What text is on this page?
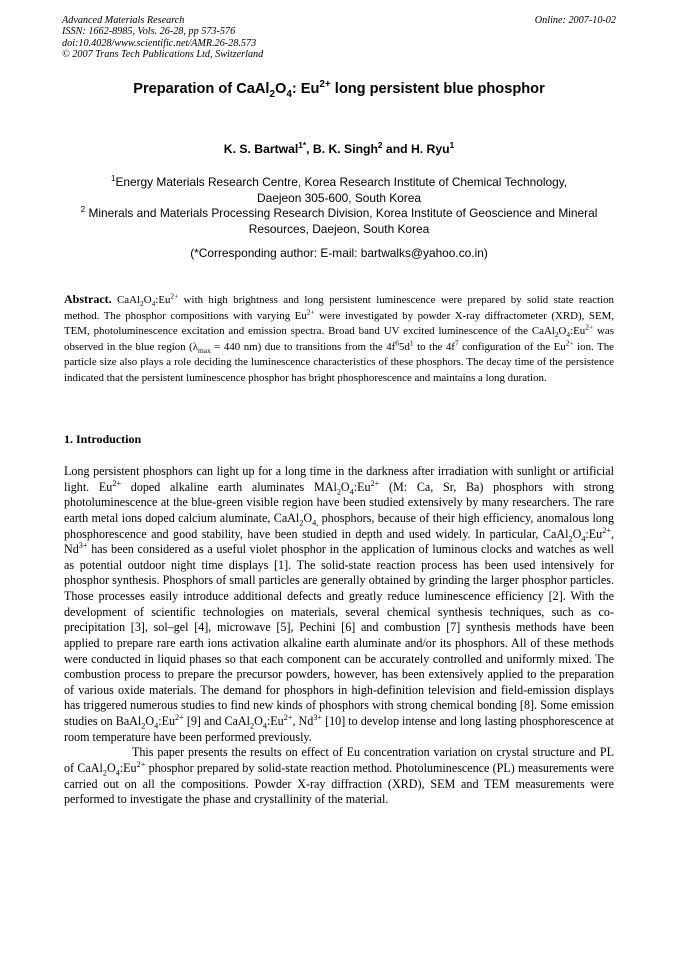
Advanced Materials Research
ISSN: 1662-8985, Vols. 26-28, pp 573-576
doi:10.4028/www.scientific.net/AMR.26-28.573
© 2007 Trans Tech Publications Ltd, Switzerland
Online: 2007-10-02
Preparation of $CaAl_2O_4$: $Eu^{2+}$ long persistent blue phosphor
K. S. Bartwal$^{1*}$, B. K. Singh$^2$ and H. Ryu$^1$

$^1$Energy Materials Research Centre, Korea Research Institute of Chemical Technology,

Daejeon 305-600, South Korea

$^2$ Minerals and Materials Processing Research Division, Korea Institute of Geoscience and Mineral

Resources, Daejeon, South Korea

(*Corresponding author: E-mail: bartwalks@yahoo.co.in)
Abstract. $CaAl_2O_4:Eu^{2+}$ with high brightness and long persistent luminescence were prepared by solid state reaction method. The phosphor compositions with varying $Eu^{2+}$ were investigated by powder X-ray diffractometer (XRD), SEM, TEM, photoluminescence excitation and emission spectra. Broad band UV excited luminescence of the $CaAl_2O_4:Eu^{2+}$ was observed in the blue region ($\lambda_{max} = 440$ nm) due to transitions from the $4f^65d^1$ to the $4f^7$ configuration of the $Eu^{2+}$ ion. The particle size also plays a role deciding the luminescence characteristics of these phosphors. The decay time of the persistence indicated that the persistent luminescence phosphor has bright phosphorescence and maintains a long duration.
1. Introduction

Long persistent phosphors can light up for a long time in the darkness after irradiation with sunlight or artificial light. $Eu^{2+}$ doped alkaline earth aluminates $MAl_2O_4:Eu^{2+}$ (M: Ca, Sr, Ba) phosphors with strong photoluminescence at the blue-green visible region have been studied extensively by many researchers. The rare earth metal ions doped calcium aluminate, $CaAl_2O_{4,}$ phosphors, because of their high efficiency, anomalous long phosphorescence and good stability, have been studied in depth and used widely. In particular, $CaAl_2O_4:Eu^{2+}$, $Nd^{3+}$ has been considered as a useful violet phosphor in the application of luminous clocks and watches as well as potential outdoor night time displays [1]. The solid-state reaction process has been used intensively for phosphor synthesis. Phosphors of small particles are generally obtained by grinding the larger phosphor particles. Those processes easily introduce additional defects and greatly reduce luminescence efficiency [2]. With the development of scientific technologies on materials, several chemical synthesis techniques, such as co- precipitation [3], sol–gel [4], microwave [5], Pechini [6] and combustion [7] synthesis methods have been applied to prepare rare earth ions activation alkaline earth aluminate and/or its phosphors. All of these methods were conducted in liquid phases so that each component can be accurately controlled and uniformly mixed. The combustion process to prepare the precursor powders, however, has been extensively applied to the preparation of various oxide materials. The demand for phosphors in high-definition television and field-emission displays has triggered numerous studies to find new kinds of phosphors with strong chemical bonding [8]. Some emission studies on $BaAl_2O_4:Eu^{2+}$ [9] and $CaAl_2O_4:Eu^{2+}$, $Nd^{3+}$ [10] to develop intense and long lasting phosphorescence at room temperature have been performed previously.

This paper presents the results on effect of Eu concentration variation on crystal structure and PL of $CaAl_2O_4:Eu^{2+}$ phosphor prepared by solid-state reaction method. Photoluminescence (PL) measurements were carried out on all the compositions. Powder X-ray diffraction (XRD), SEM and TEM measurements were performed to investigate the phase and crystallinity of the material.
